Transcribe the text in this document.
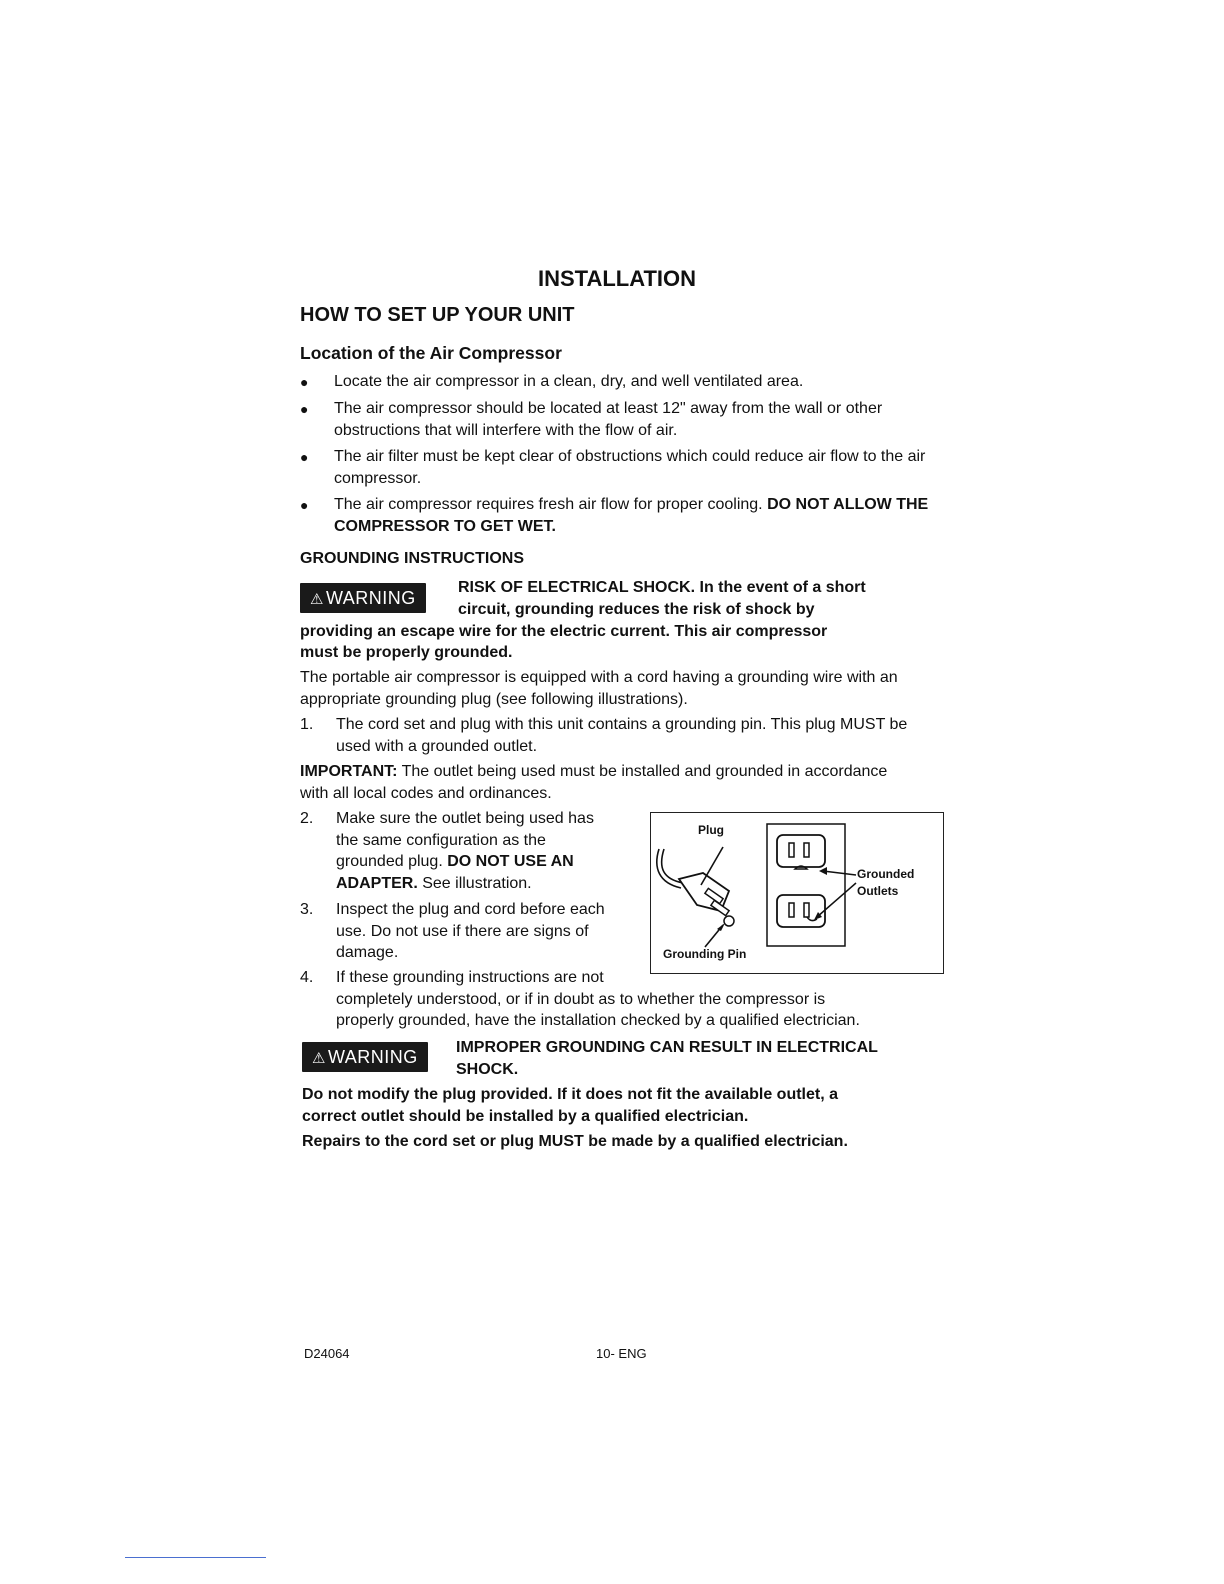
INSTALLATION
HOW TO SET UP YOUR UNIT
Location of the Air Compressor
● Locate the air compressor in a clean, dry, and well ventilated area.
● The air compressor should be located at least 12" away from the wall or other obstructions that will interfere with the flow of air.
● The air filter must be kept clear of obstructions which could reduce air flow to the air compressor.
● The air compressor requires fresh air flow for proper cooling. DO NOT ALLOW THE COMPRESSOR TO GET WET.
GROUNDING INSTRUCTIONS
⚠ WARNING
RISK OF ELECTRICAL SHOCK. In the event of a short
circuit, grounding reduces the risk of shock by
providing an escape wire for the electric current. This air compressor
must be properly grounded.
The portable air compressor is equipped with a cord having a grounding wire with an appropriate grounding plug (see following illustrations).
1. The cord set and plug with this unit contains a grounding pin. This plug MUST be used with a grounded outlet.
IMPORTANT: The outlet being used must be installed and grounded in accordance with all local codes and ordinances.
2. Make sure the outlet being used has
the same configuration as the
grounded plug. DO NOT USE AN
ADAPTER. See illustration.
3. Inspect the plug and cord before each
use. Do not use if there are signs of
damage.
4. If these grounding instructions are not
completely understood, or if in doubt as to whether the compressor is
properly grounded, have the installation checked by a qualified electrician.
Plug
Grounding Pin
Grounded
Outlets
⚠ WARNING	IMPROPER GROUNDING CAN RESULT IN ELECTRICAL
SHOCK.
Do not modify the plug provided. If it does not fit the available outlet, a
correct outlet should be installed by a qualified electrician.
Repairs to the cord set or plug MUST be made by a qualified electrician.
D24064	10- ENG
